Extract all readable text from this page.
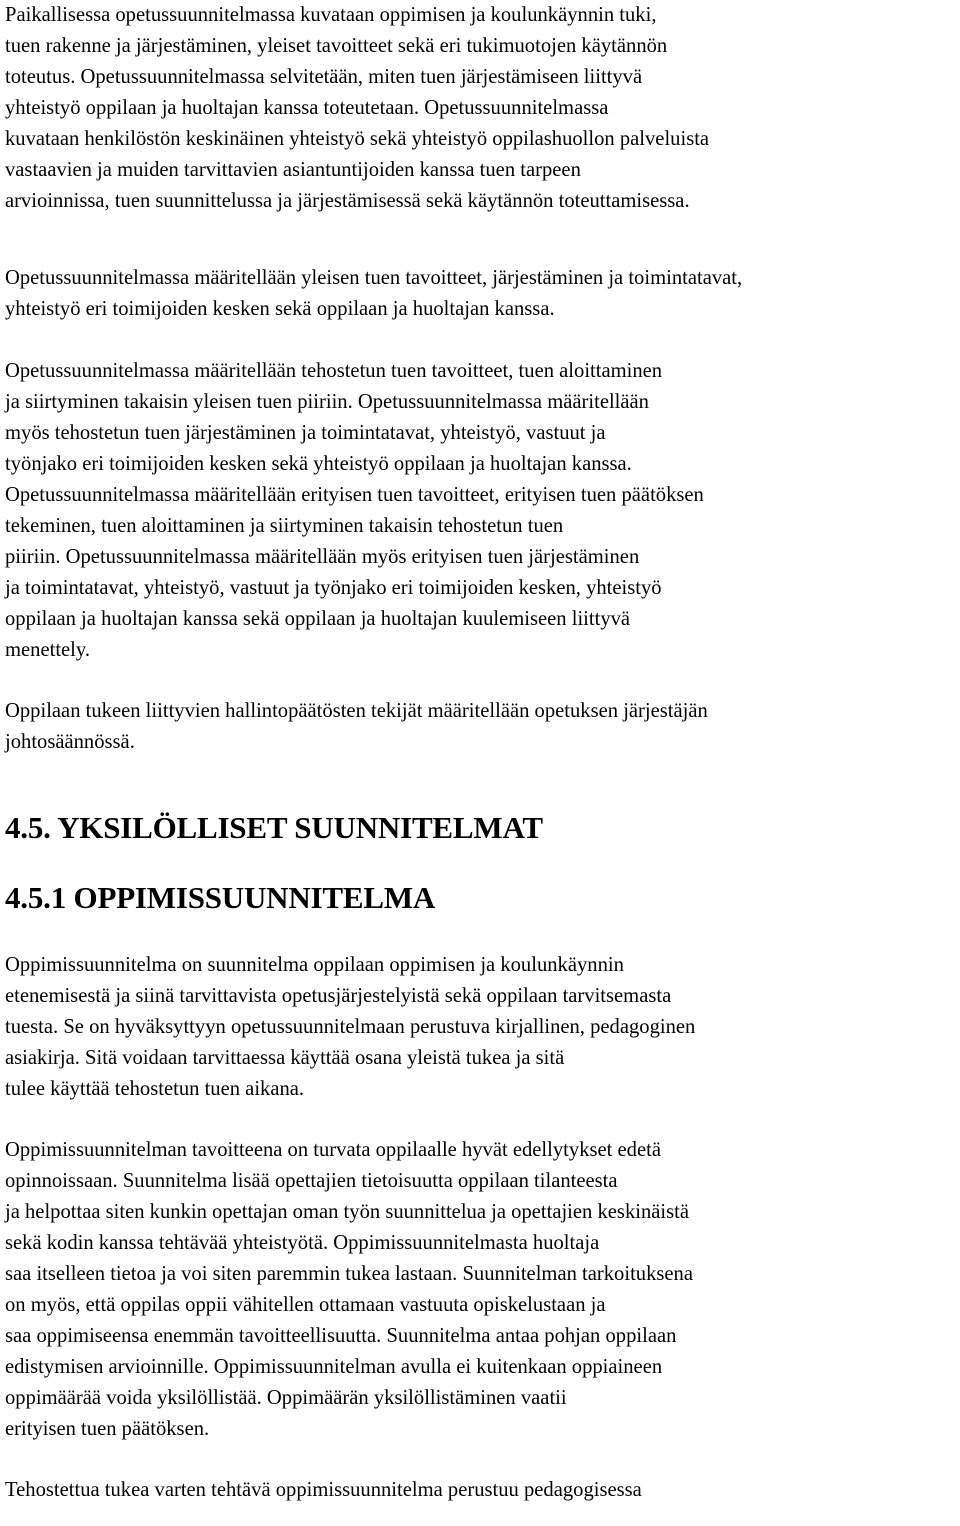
Paikallisessa opetussuunnitelmassa kuvataan oppimisen ja koulunkäynnin tuki,
tuen rakenne ja järjestäminen, yleiset tavoitteet sekä eri tukimuotojen käytännön
toteutus. Opetussuunnitelmassa selvitetään, miten tuen järjestämiseen liittyvä
yhteistyö oppilaan ja huoltajan kanssa toteutetaan. Opetussuunnitelmassa
kuvataan henkilöstön keskinäinen yhteistyö sekä yhteistyö oppilashuollon palveluista
vastaavien ja muiden tarvittavien asiantuntijoiden kanssa tuen tarpeen
arvioinnissa, tuen suunnittelussa ja järjestämisessä sekä käytännön toteuttamisessa.
Opetussuunnitelmassa määritellään yleisen tuen tavoitteet, järjestäminen ja toimintatavat,
yhteistyö eri toimijoiden kesken sekä oppilaan ja huoltajan kanssa.
Opetussuunnitelmassa määritellään tehostetun tuen tavoitteet, tuen aloittaminen
ja siirtyminen takaisin yleisen tuen piiriin. Opetussuunnitelmassa määritellään
myös tehostetun tuen järjestäminen ja toimintatavat, yhteistyö, vastuut ja
työnjako eri toimijoiden kesken sekä yhteistyö oppilaan ja huoltajan kanssa.
Opetussuunnitelmassa määritellään erityisen tuen tavoitteet, erityisen tuen päätöksen
tekeminen, tuen aloittaminen ja siirtyminen takaisin tehostetun tuen
piiriin. Opetussuunnitelmassa määritellään myös erityisen tuen järjestäminen
ja toimintatavat, yhteistyö, vastuut ja työnjako eri toimijoiden kesken, yhteistyö
oppilaan ja huoltajan kanssa sekä oppilaan ja huoltajan kuulemiseen liittyvä
menettely.
Oppilaan tukeen liittyvien hallintopäätösten tekijät määritellään opetuksen järjestäjän
johtosäännössä.
4.5. YKSILÖLLISET SUUNNITELMAT
4.5.1 OPPIMISSUUNNITELMA
Oppimissuunnitelma on suunnitelma oppilaan oppimisen ja koulunkäynnin
etenemisestä ja siinä tarvittavista opetusjärjestelyistä sekä oppilaan tarvitsemasta
tuesta. Se on hyväksyttyyn opetussuunnitelmaan perustuva kirjallinen, pedagoginen
asiakirja. Sitä voidaan tarvittaessa käyttää osana yleistä tukea ja sitä
tulee käyttää tehostetun tuen aikana.
Oppimissuunnitelman tavoitteena on turvata oppilaalle hyvät edellytykset edetä
opinnoissaan. Suunnitelma lisää opettajien tietoisuutta oppilaan tilanteesta
ja helpottaa siten kunkin opettajan oman työn suunnittelua ja opettajien keskinäistä
sekä kodin kanssa tehtävää yhteistyötä. Oppimissuunnitelmasta huoltaja
saa itselleen tietoa ja voi siten paremmin tukea lastaan. Suunnitelman tarkoituksena
on myös, että oppilas oppii vähitellen ottamaan vastuuta opiskelustaan ja
saa oppimiseensa enemmän tavoitteellisuutta. Suunnitelma antaa pohjan oppilaan
edistymisen arvioinnille. Oppimissuunnitelman avulla ei kuitenkaan oppiaineen
oppimäärää voida yksilöllistää. Oppimäärän yksilöllistäminen vaatii
erityisen tuen päätöksen.
Tehostettua tukea varten tehtävä oppimissuunnitelma perustuu pedagogisessa
